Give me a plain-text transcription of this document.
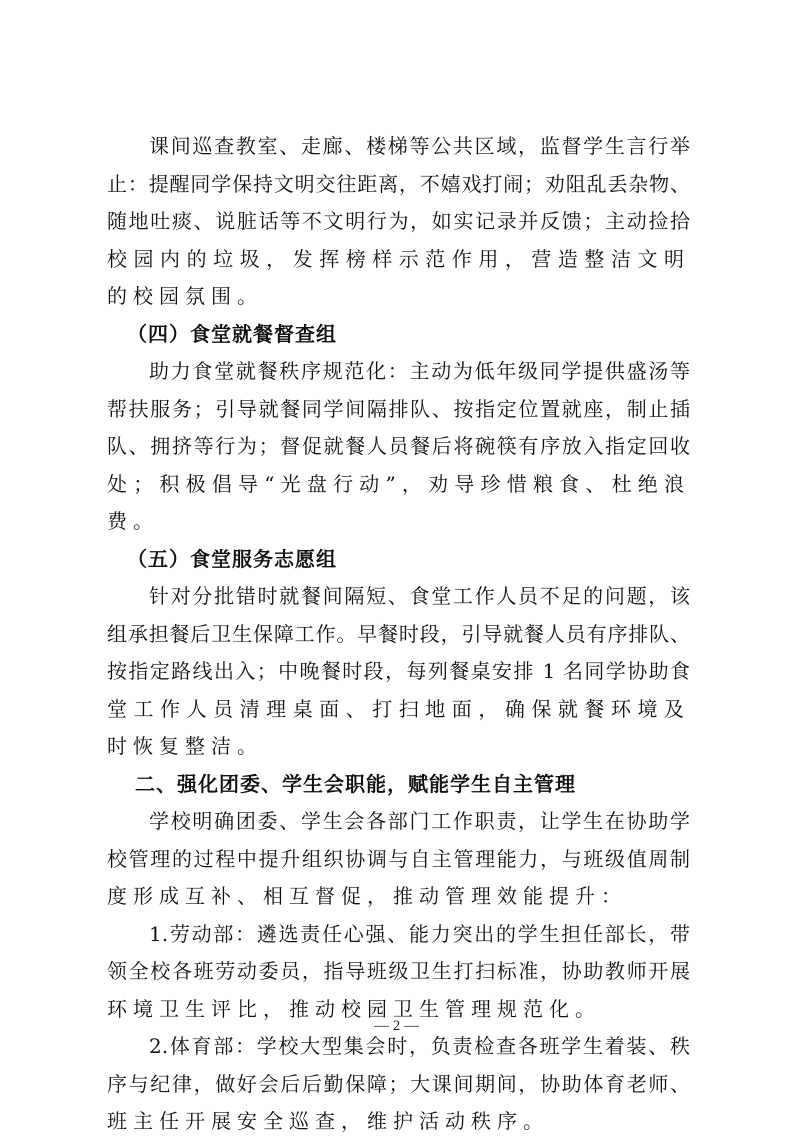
课间巡查教室、走廊、楼梯等公共区域，监督学生言行举
止：提醒同学保持文明交往距离，不嬉戏打闹；劝阻乱丢杂物、
随地吐痰、说脏话等不文明行为，如实记录并反馈；主动捡拾
校园内的垃圾，发挥榜样示范作用，营造整洁文明的校园氛围。
（四）食堂就餐督查组
助力食堂就餐秩序规范化：主动为低年级同学提供盛汤等
帮扶服务；引导就餐同学间隔排队、按指定位置就座，制止插
队、拥挤等行为；督促就餐人员餐后将碗筷有序放入指定回收
处；积极倡导“光盘行动”，劝导珍惜粮食、杜绝浪费。
（五）食堂服务志愿组
针对分批错时就餐间隔短、食堂工作人员不足的问题，该
组承担餐后卫生保障工作。早餐时段，引导就餐人员有序排队、
按指定路线出入；中晚餐时段，每列餐桌安排 1 名同学协助食
堂工作人员清理桌面、打扫地面，确保就餐环境及时恢复整洁。
二、强化团委、学生会职能，赋能学生自主管理
学校明确团委、学生会各部门工作职责，让学生在协助学
校管理的过程中提升组织协调与自主管理能力，与班级值周制
度形成互补、相互督促，推动管理效能提升：
1.劳动部：遴选责任心强、能力突出的学生担任部长，带
领全校各班劳动委员，指导班级卫生打扫标准，协助教师开展
环境卫生评比，推动校园卫生管理规范化。
2.体育部：学校大型集会时，负责检查各班学生着装、秩
序与纪律，做好会后后勤保障；大课间期间，协助体育老师、
班主任开展安全巡查，维护活动秩序。
— 2 —
